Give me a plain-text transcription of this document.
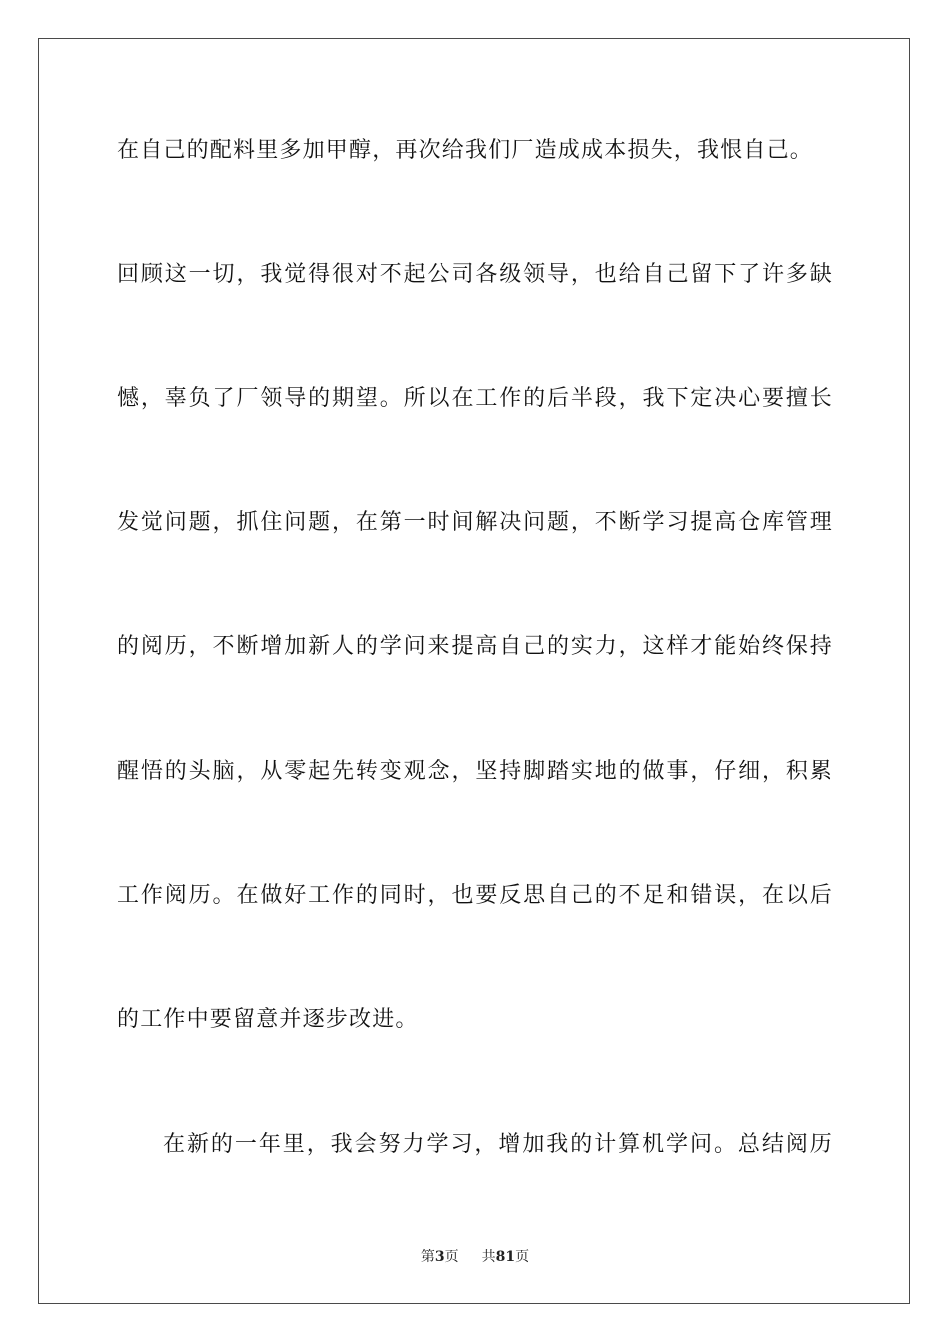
在自己的配料里多加甲醇，再次给我们厂造成成本损失，我恨自己。
回顾这一切，我觉得很对不起公司各级领导，也给自己留下了许多缺
憾，辜负了厂领导的期望。所以在工作的后半段，我下定决心要擅长
发觉问题，抓住问题，在第一时间解决问题，不断学习提高仓库管理
的阅历，不断增加新人的学问来提高自己的实力，这样才能始终保持
醒悟的头脑，从零起先转变观念，坚持脚踏实地的做事，仔细，积累
工作阅历。在做好工作的同时，也要反思自己的不足和错误，在以后
的工作中要留意并逐步改进。
在新的一年里，我会努力学习，增加我的计算机学问。总结阅历
第3页 共81页
